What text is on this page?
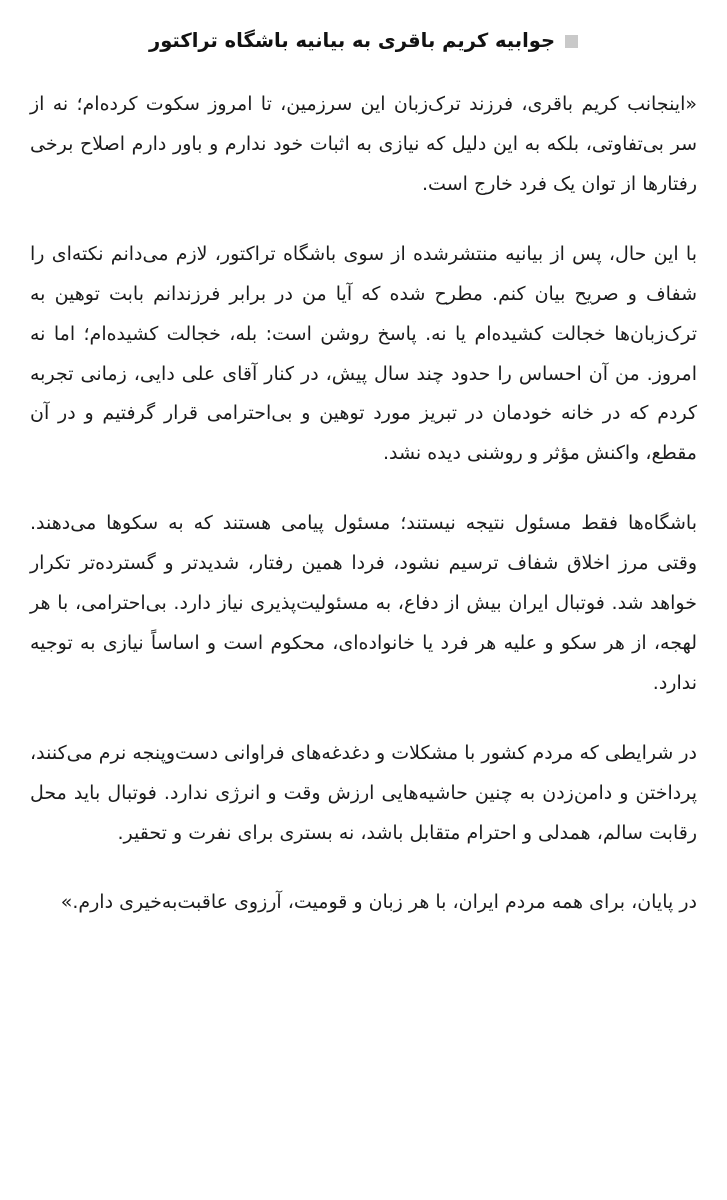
جوابیه کریم باقری به بیانیه باشگاه تراکتور

«اینجانب کریم باقری، فرزند ترک‌زبان این سرزمین، تا امروز سکوت کرده‌ام؛ نه از سر بی‌تفاوتی، بلکه به این دلیل که نیازی به اثبات خود ندارم و باور دارم اصلاح برخی رفتارها از توان یک فرد خارج است.

با این حال، پس از بیانیه منتشرشده از سوی باشگاه تراکتور، لازم می‌دانم نکته‌ای را شفاف و صریح بیان کنم. مطرح شده که آیا من در برابر فرزندانم بابت توهین به ترک‌زبان‌ها خجالت کشیده‌ام یا نه. پاسخ روشن است: بله، خجالت کشیده‌ام؛ اما نه امروز. من آن احساس را حدود چند سال پیش، در کنار آقای علی دایی، زمانی تجربه کردم که در خانه خودمان در تبریز مورد توهین و بی‌احترامی قرار گرفتیم و در آن مقطع، واکنش مؤثر و روشنی دیده نشد.

باشگاه‌ها فقط مسئول نتیجه نیستند؛ مسئول پیامی هستند که به سکوها می‌دهند. وقتی مرز اخلاق شفاف ترسیم نشود، فردا همین رفتار، شدیدتر و گسترده‌تر تکرار خواهد شد. فوتبال ایران بیش از دفاع، به مسئولیت‌پذیری نیاز دارد. بی‌احترامی، با هر لهجه، از هر سکو و علیه هر فرد یا خانواده‌ای، محکوم است و اساساً نیازی به توجیه ندارد.

در شرایطی که مردم کشور با مشکلات و دغدغه‌های فراوانی دست‌وپنجه نرم می‌کنند، پرداختن و دامن‌زدن به چنین حاشیه‌هایی ارزش وقت و انرژی ندارد. فوتبال باید محل رقابت سالم، همدلی و احترام متقابل باشد، نه بستری برای نفرت و تحقیر.

در پایان، برای همه مردم ایران، با هر زبان و قومیت، آرزوی عاقبت‌به‌خیری دارم.»
